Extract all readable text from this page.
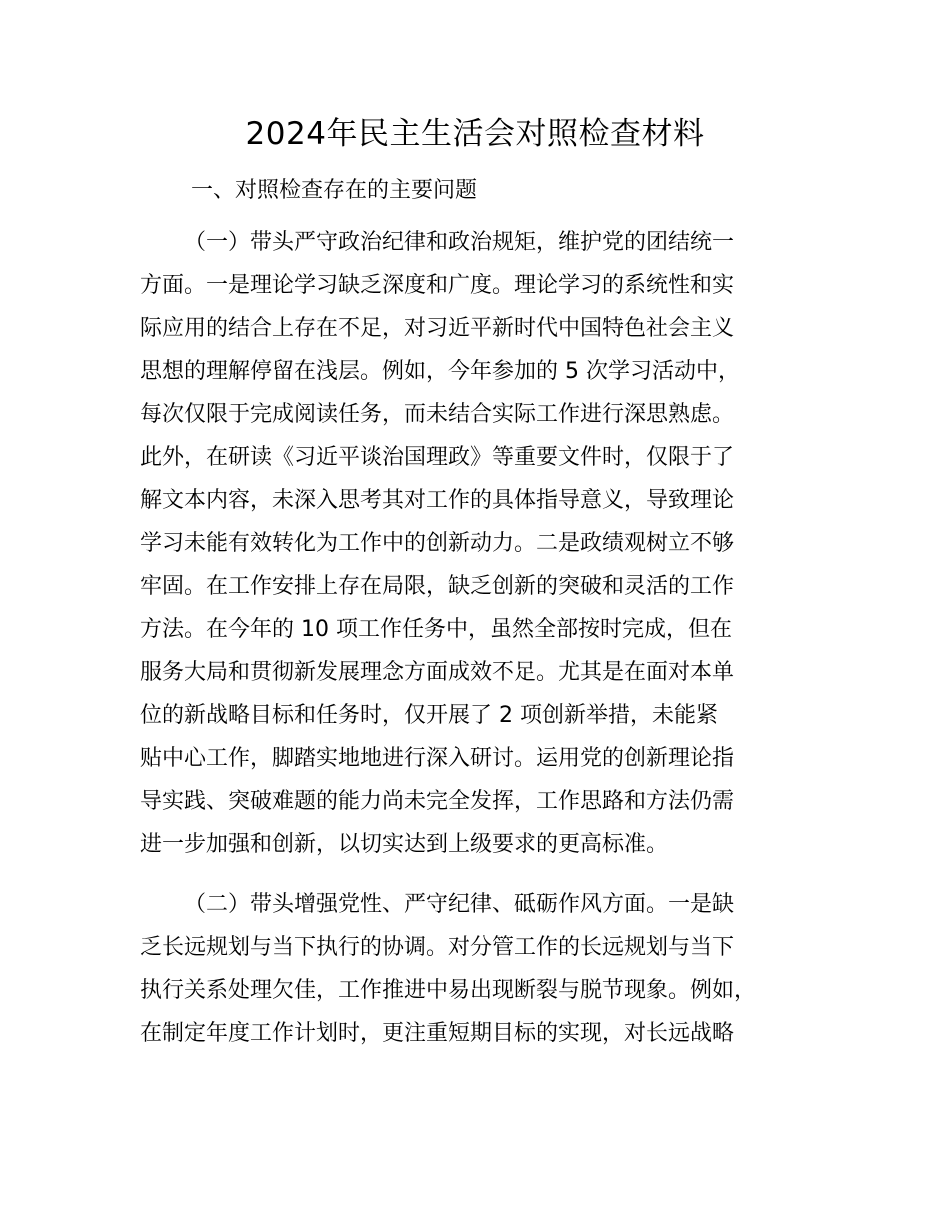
2024年民主生活会对照检查材料
一、对照检查存在的主要问题
（一）带头严守政治纪律和政治规矩，维护党的团结统一
方面。一是理论学习缺乏深度和广度。理论学习的系统性和实
际应用的结合上存在不足，对习近平新时代中国特色社会主义
思想的理解停留在浅层。例如，今年参加的 5 次学习活动中，
每次仅限于完成阅读任务，而未结合实际工作进行深思熟虑。
此外，在研读《习近平谈治国理政》等重要文件时，仅限于了
解文本内容，未深入思考其对工作的具体指导意义，导致理论
学习未能有效转化为工作中的创新动力。二是政绩观树立不够
牢固。在工作安排上存在局限，缺乏创新的突破和灵活的工作
方法。在今年的 10 项工作任务中，虽然全部按时完成，但在
服务大局和贯彻新发展理念方面成效不足。尤其是在面对本单
位的新战略目标和任务时，仅开展了 2 项创新举措，未能紧
贴中心工作，脚踏实地地进行深入研讨。运用党的创新理论指
导实践、突破难题的能力尚未完全发挥，工作思路和方法仍需
进一步加强和创新，以切实达到上级要求的更高标准。
（二）带头增强党性、严守纪律、砥砺作风方面。一是缺
乏长远规划与当下执行的协调。对分管工作的长远规划与当下
执行关系处理欠佳，工作推进中易出现断裂与脱节现象。例如，
在制定年度工作计划时，更注重短期目标的实现，对长远战略
